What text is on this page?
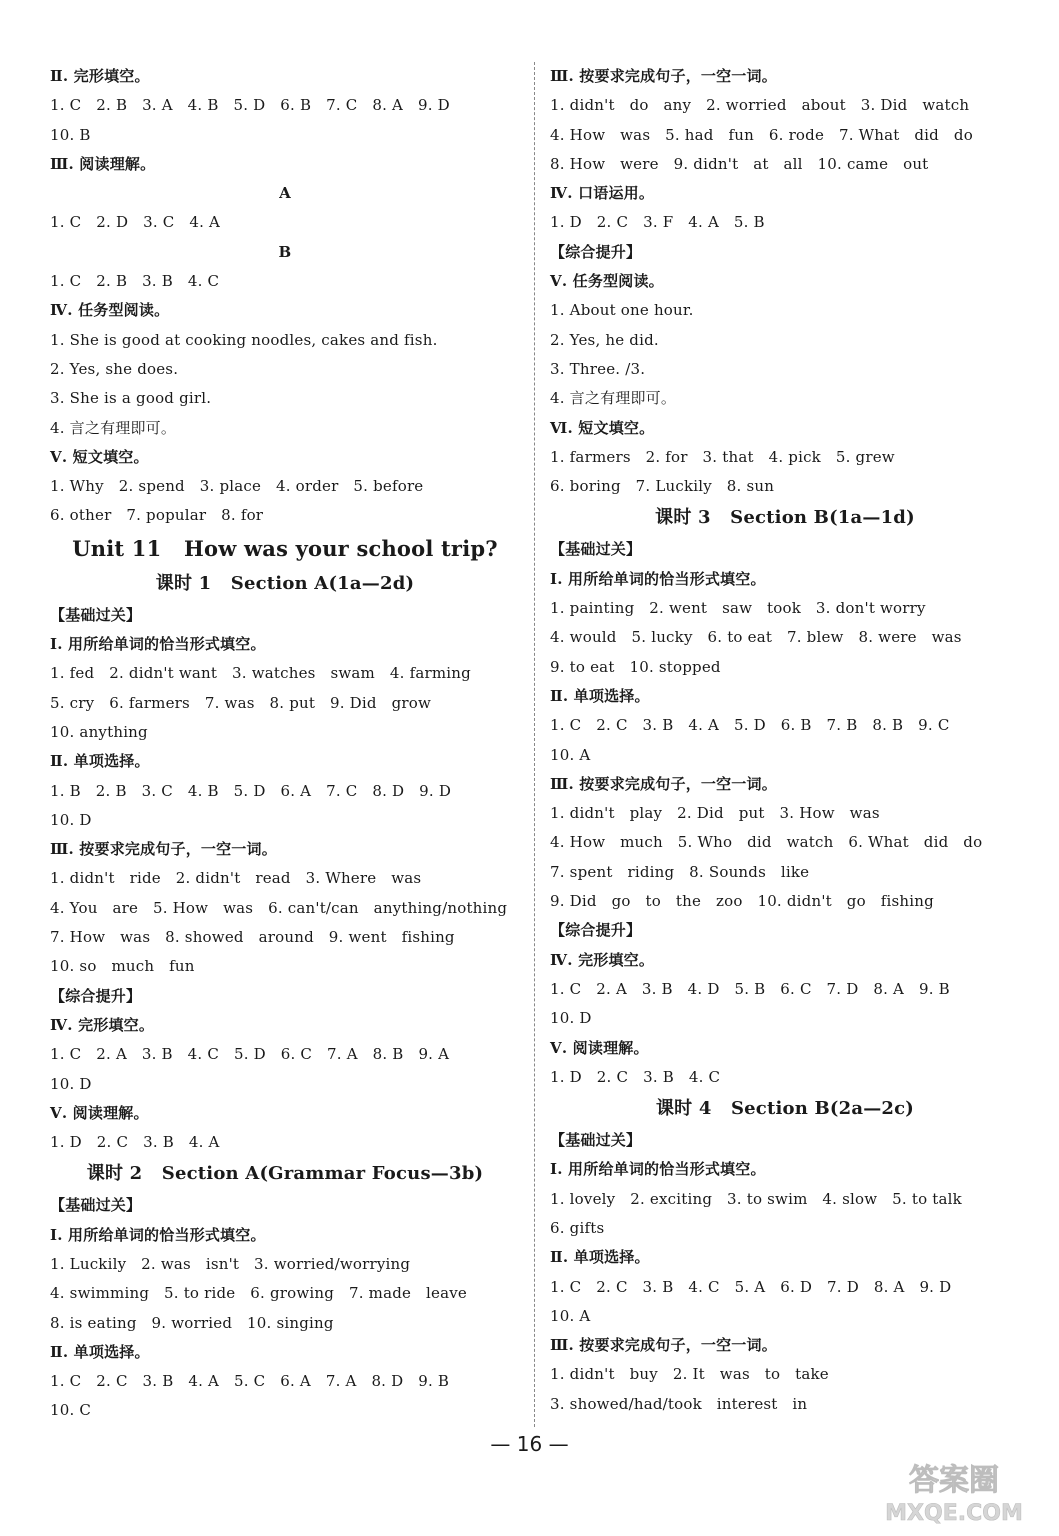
Ⅱ. 完形填空。
1. C   2. B   3. A   4. B   5. D   6. B   7. C   8. A   9. D
10. B
Ⅲ. 阅读理解。
A
1. C   2. D   3. C   4. A
B
1. C   2. B   3. B   4. C
Ⅳ. 任务型阅读。
1. She is good at cooking noodles, cakes and fish.
2. Yes, she does.
3. She is a good girl.
4. 言之有理即可。
Ⅴ. 短文填空。
1. Why   2. spend   3. place   4. order   5. before
6. other   7. popular   8. for
Unit 11   How was your school trip?
课时 1   Section A(1a—2d)
【基础过关】
Ⅰ. 用所给单词的恰当形式填空。
1. fed   2. didn't want   3. watches   swam   4. farming
5. cry   6. farmers   7. was   8. put   9. Did   grow
10. anything
Ⅱ. 单项选择。
1. B   2. B   3. C   4. B   5. D   6. A   7. C   8. D   9. D
10. D
Ⅲ. 按要求完成句子，一空一词。
1. didn't   ride   2. didn't   read   3. Where   was
4. You   are   5. How   was   6. can't/can   anything/nothing
7. How   was   8. showed   around   9. went   fishing
10. so   much   fun
【综合提升】
Ⅳ. 完形填空。
1. C   2. A   3. B   4. C   5. D   6. C   7. A   8. B   9. A
10. D
Ⅴ. 阅读理解。
1. D   2. C   3. B   4. A
课时 2   Section A(Grammar Focus—3b)
【基础过关】
Ⅰ. 用所给单词的恰当形式填空。
1. Luckily   2. was   isn't   3. worried/worrying
4. swimming   5. to ride   6. growing   7. made   leave
8. is eating   9. worried   10. singing
Ⅱ. 单项选择。
1. C   2. C   3. B   4. A   5. C   6. A   7. A   8. D   9. B
10. C
Ⅲ. 按要求完成句子，一空一词。
1. didn't   do   any   2. worried   about   3. Did   watch
4. How   was   5. had   fun   6. rode   7. What   did   do
8. How   were   9. didn't   at   all   10. came   out
Ⅳ. 口语运用。
1. D   2. C   3. F   4. A   5. B
【综合提升】
Ⅴ. 任务型阅读。
1. About one hour.
2. Yes, he did.
3. Three. /3.
4. 言之有理即可。
Ⅵ. 短文填空。
1. farmers   2. for   3. that   4. pick   5. grew
6. boring   7. Luckily   8. sun
课时 3   Section B(1a—1d)
【基础过关】
Ⅰ. 用所给单词的恰当形式填空。
1. painting   2. went   saw   took   3. don't worry
4. would   5. lucky   6. to eat   7. blew   8. were   was
9. to eat   10. stopped
Ⅱ. 单项选择。
1. C   2. C   3. B   4. A   5. D   6. B   7. B   8. B   9. C
10. A
Ⅲ. 按要求完成句子，一空一词。
1. didn't   play   2. Did   put   3. How   was
4. How   much   5. Who   did   watch   6. What   did   do
7. spent   riding   8. Sounds   like
9. Did   go   to   the   zoo   10. didn't   go   fishing
【综合提升】
Ⅳ. 完形填空。
1. C   2. A   3. B   4. D   5. B   6. C   7. D   8. A   9. B
10. D
Ⅴ. 阅读理解。
1. D   2. C   3. B   4. C
课时 4   Section B(2a—2c)
【基础过关】
Ⅰ. 用所给单词的恰当形式填空。
1. lovely   2. exciting   3. to swim   4. slow   5. to talk
6. gifts
Ⅱ. 单项选择。
1. C   2. C   3. B   4. C   5. A   6. D   7. D   8. A   9. D
10. A
Ⅲ. 按要求完成句子，一空一词。
1. didn't   buy   2. It   was   to   take
3. showed/had/took   interest   in
— 16 —
答案圈
MXQE.COM
